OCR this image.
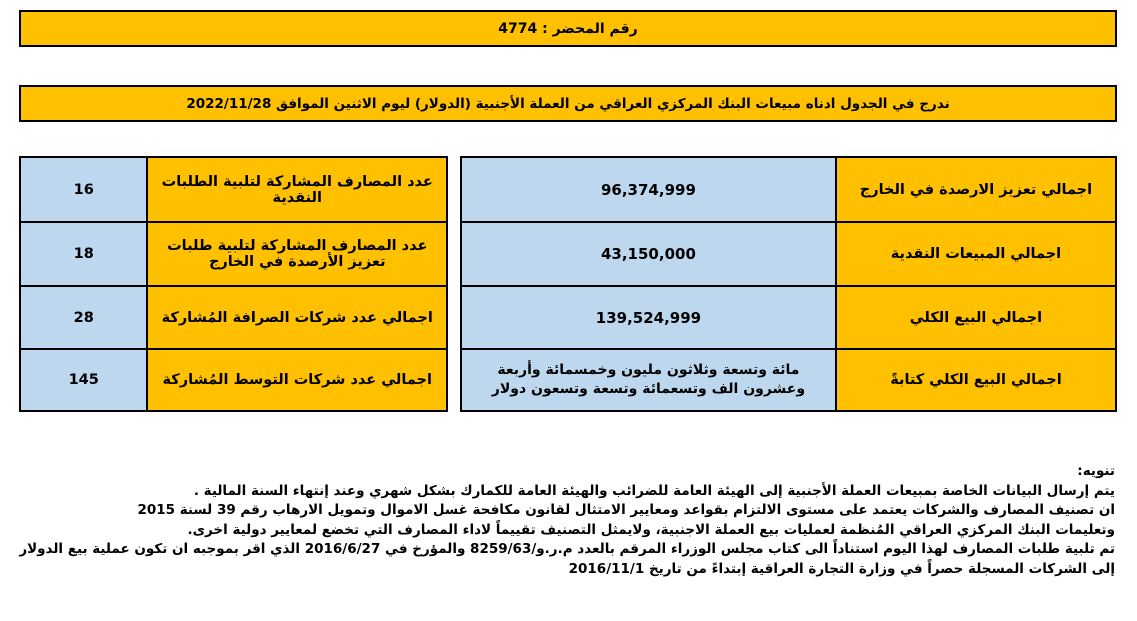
رقم المحضر : 4774
ندرج في الجدول ادناه مبيعات البنك المركزي العراقي من العملة الأجنبية (الدولار) ليوم الاثنين الموافق 2022/11/28
اجمالي تعزيز الارصدة في الخارج	96,374,999
اجمالي المبيعات النقدية	43,150,000
اجمالي البيع الكلي	139,524,999
اجمالي البيع الكلي كتابةً	مائة وتسعة وثلاثون مليون وخمسمائة وأربعة وعشرون الف وتسعمائة وتسعة وتسعون دولار
عدد المصارف المشاركة لتلبية الطلبات النقدية	16
عدد المصارف المشاركة لتلبية طلبات تعزيز الأرصدة في الخارج	18
اجمالي عدد شركات الصرافة المُشاركة	28
اجمالي عدد شركات التوسط المُشاركة	145

تنويه:

يتم إرسال البيانات الخاصة بمبيعات العملة الأجنبية إلى الهيئة العامة للضرائب والهيئة العامة للكمارك بشكل شهري وعند إنتهاء السنة المالية .

ان تصنيف المصارف والشركات يعتمد على مستوى الالتزام بقواعد ومعايير الامتثال لقانون مكافحة غسل الاموال وتمويل الارهاب رقم 39 لسنة 2015

وتعليمات البنك المركزي العراقي المُنظمة لعمليات بيع العملة الاجنبية، ولايمثل التصنيف تقييماً لاداء المصارف التي تخضع لمعايير دولية اخرى.

تم تلبية طلبات المصارف لهذا اليوم استناداً الى كتاب مجلس الوزراء المرقم بالعدد م.ر.و/8259/63 والمؤرخ في 2016/6/27 الذي اقر بموجبه ان تكون عملية بيع الدولار

إلى الشركات المسجلة حصراً في وزارة التجارة العراقية إبتداءً من تاريخ 2016/11/1
